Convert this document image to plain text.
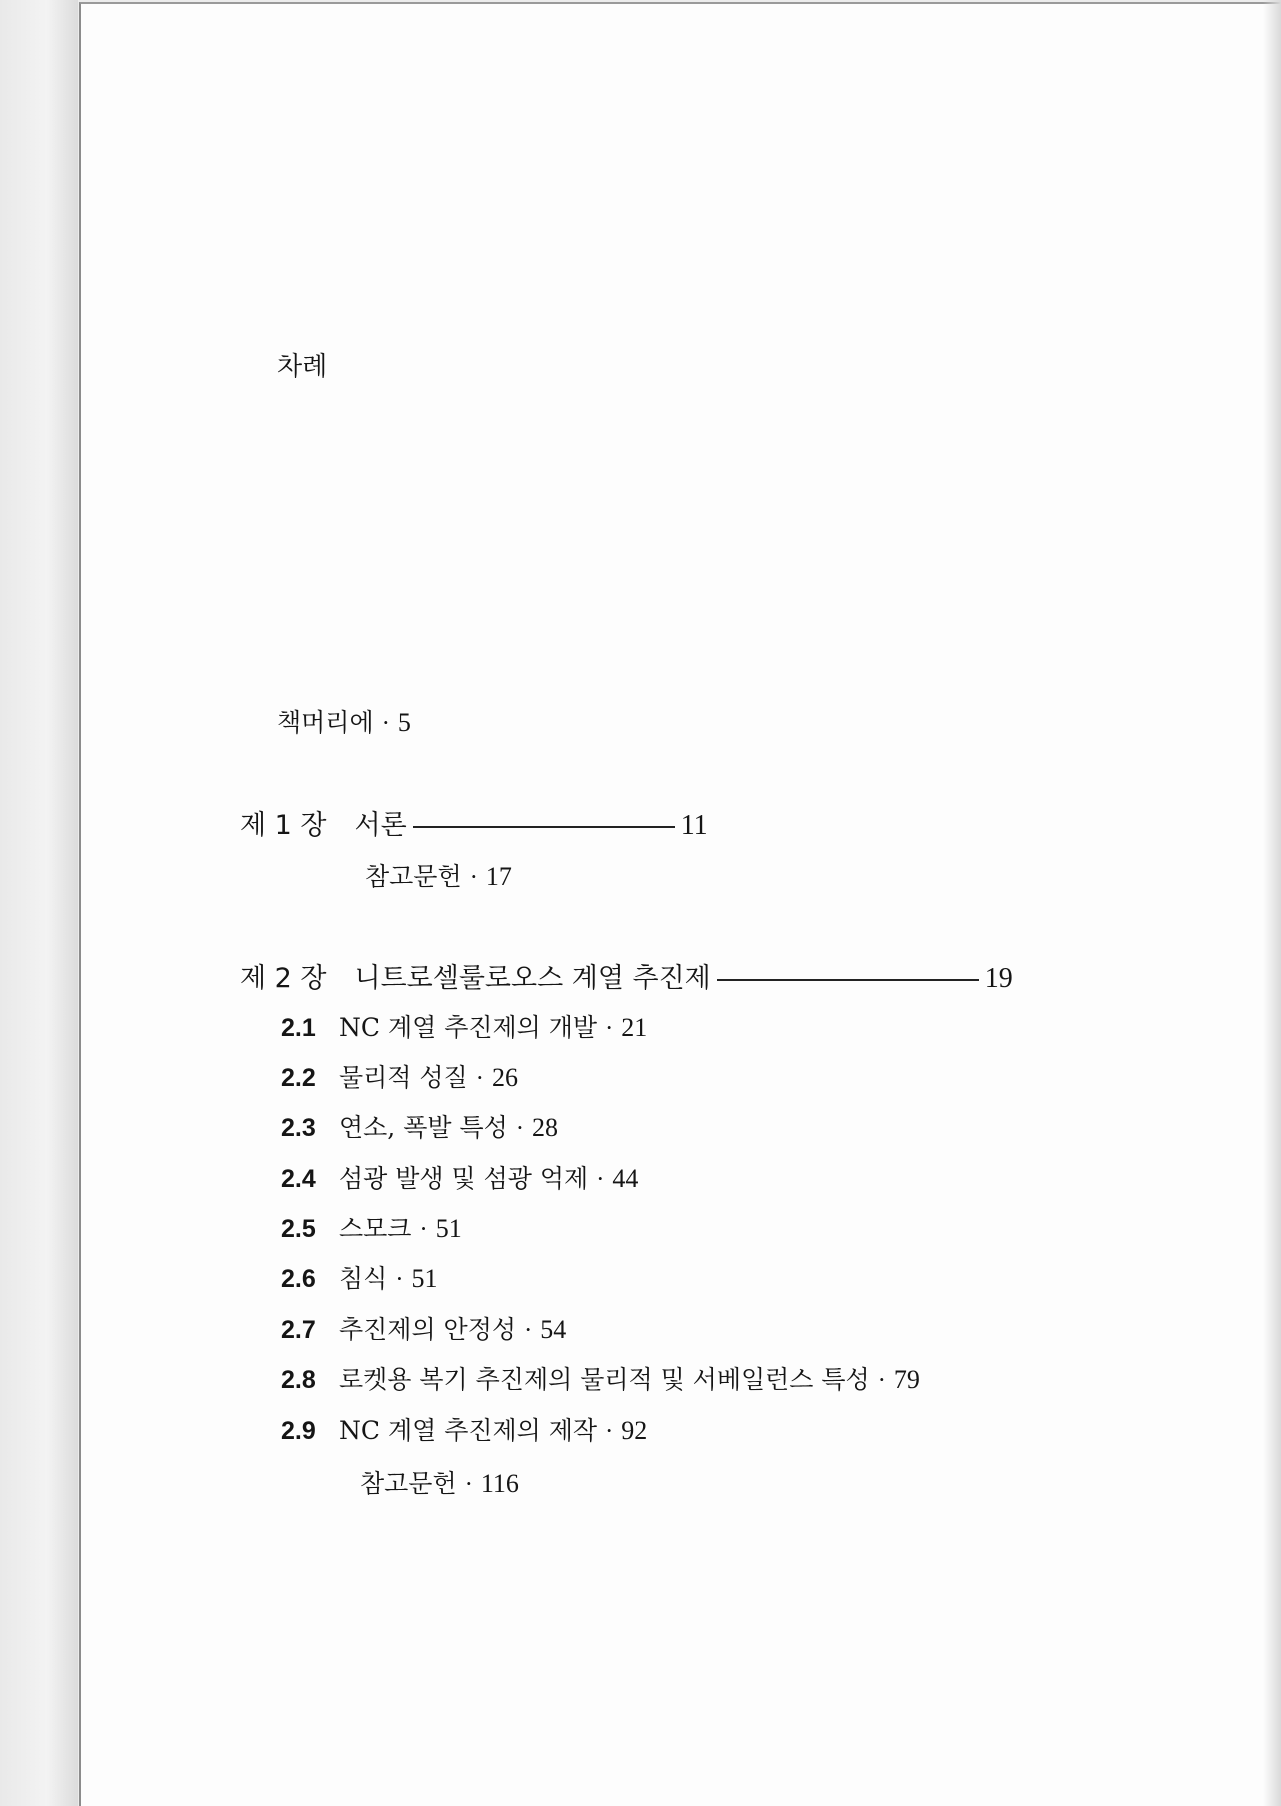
차례
책머리에 · 5
제 1 장 서론	11
참고문헌 · 17
제 2 장 니트로셀룰로오스 계열 추진제	19
2.1 NC 계열 추진제의 개발 · 21
2.2 물리적 성질 · 26
2.3 연소, 폭발 특성 · 28
2.4 섬광 발생 및 섬광 억제 · 44
2.5 스모크 · 51
2.6 침식 · 51
2.7 추진제의 안정성 · 54
2.8 로켓용 복기 추진제의 물리적 및 서베일런스 특성 · 79
2.9 NC 계열 추진제의 제작 · 92
참고문헌 · 116
